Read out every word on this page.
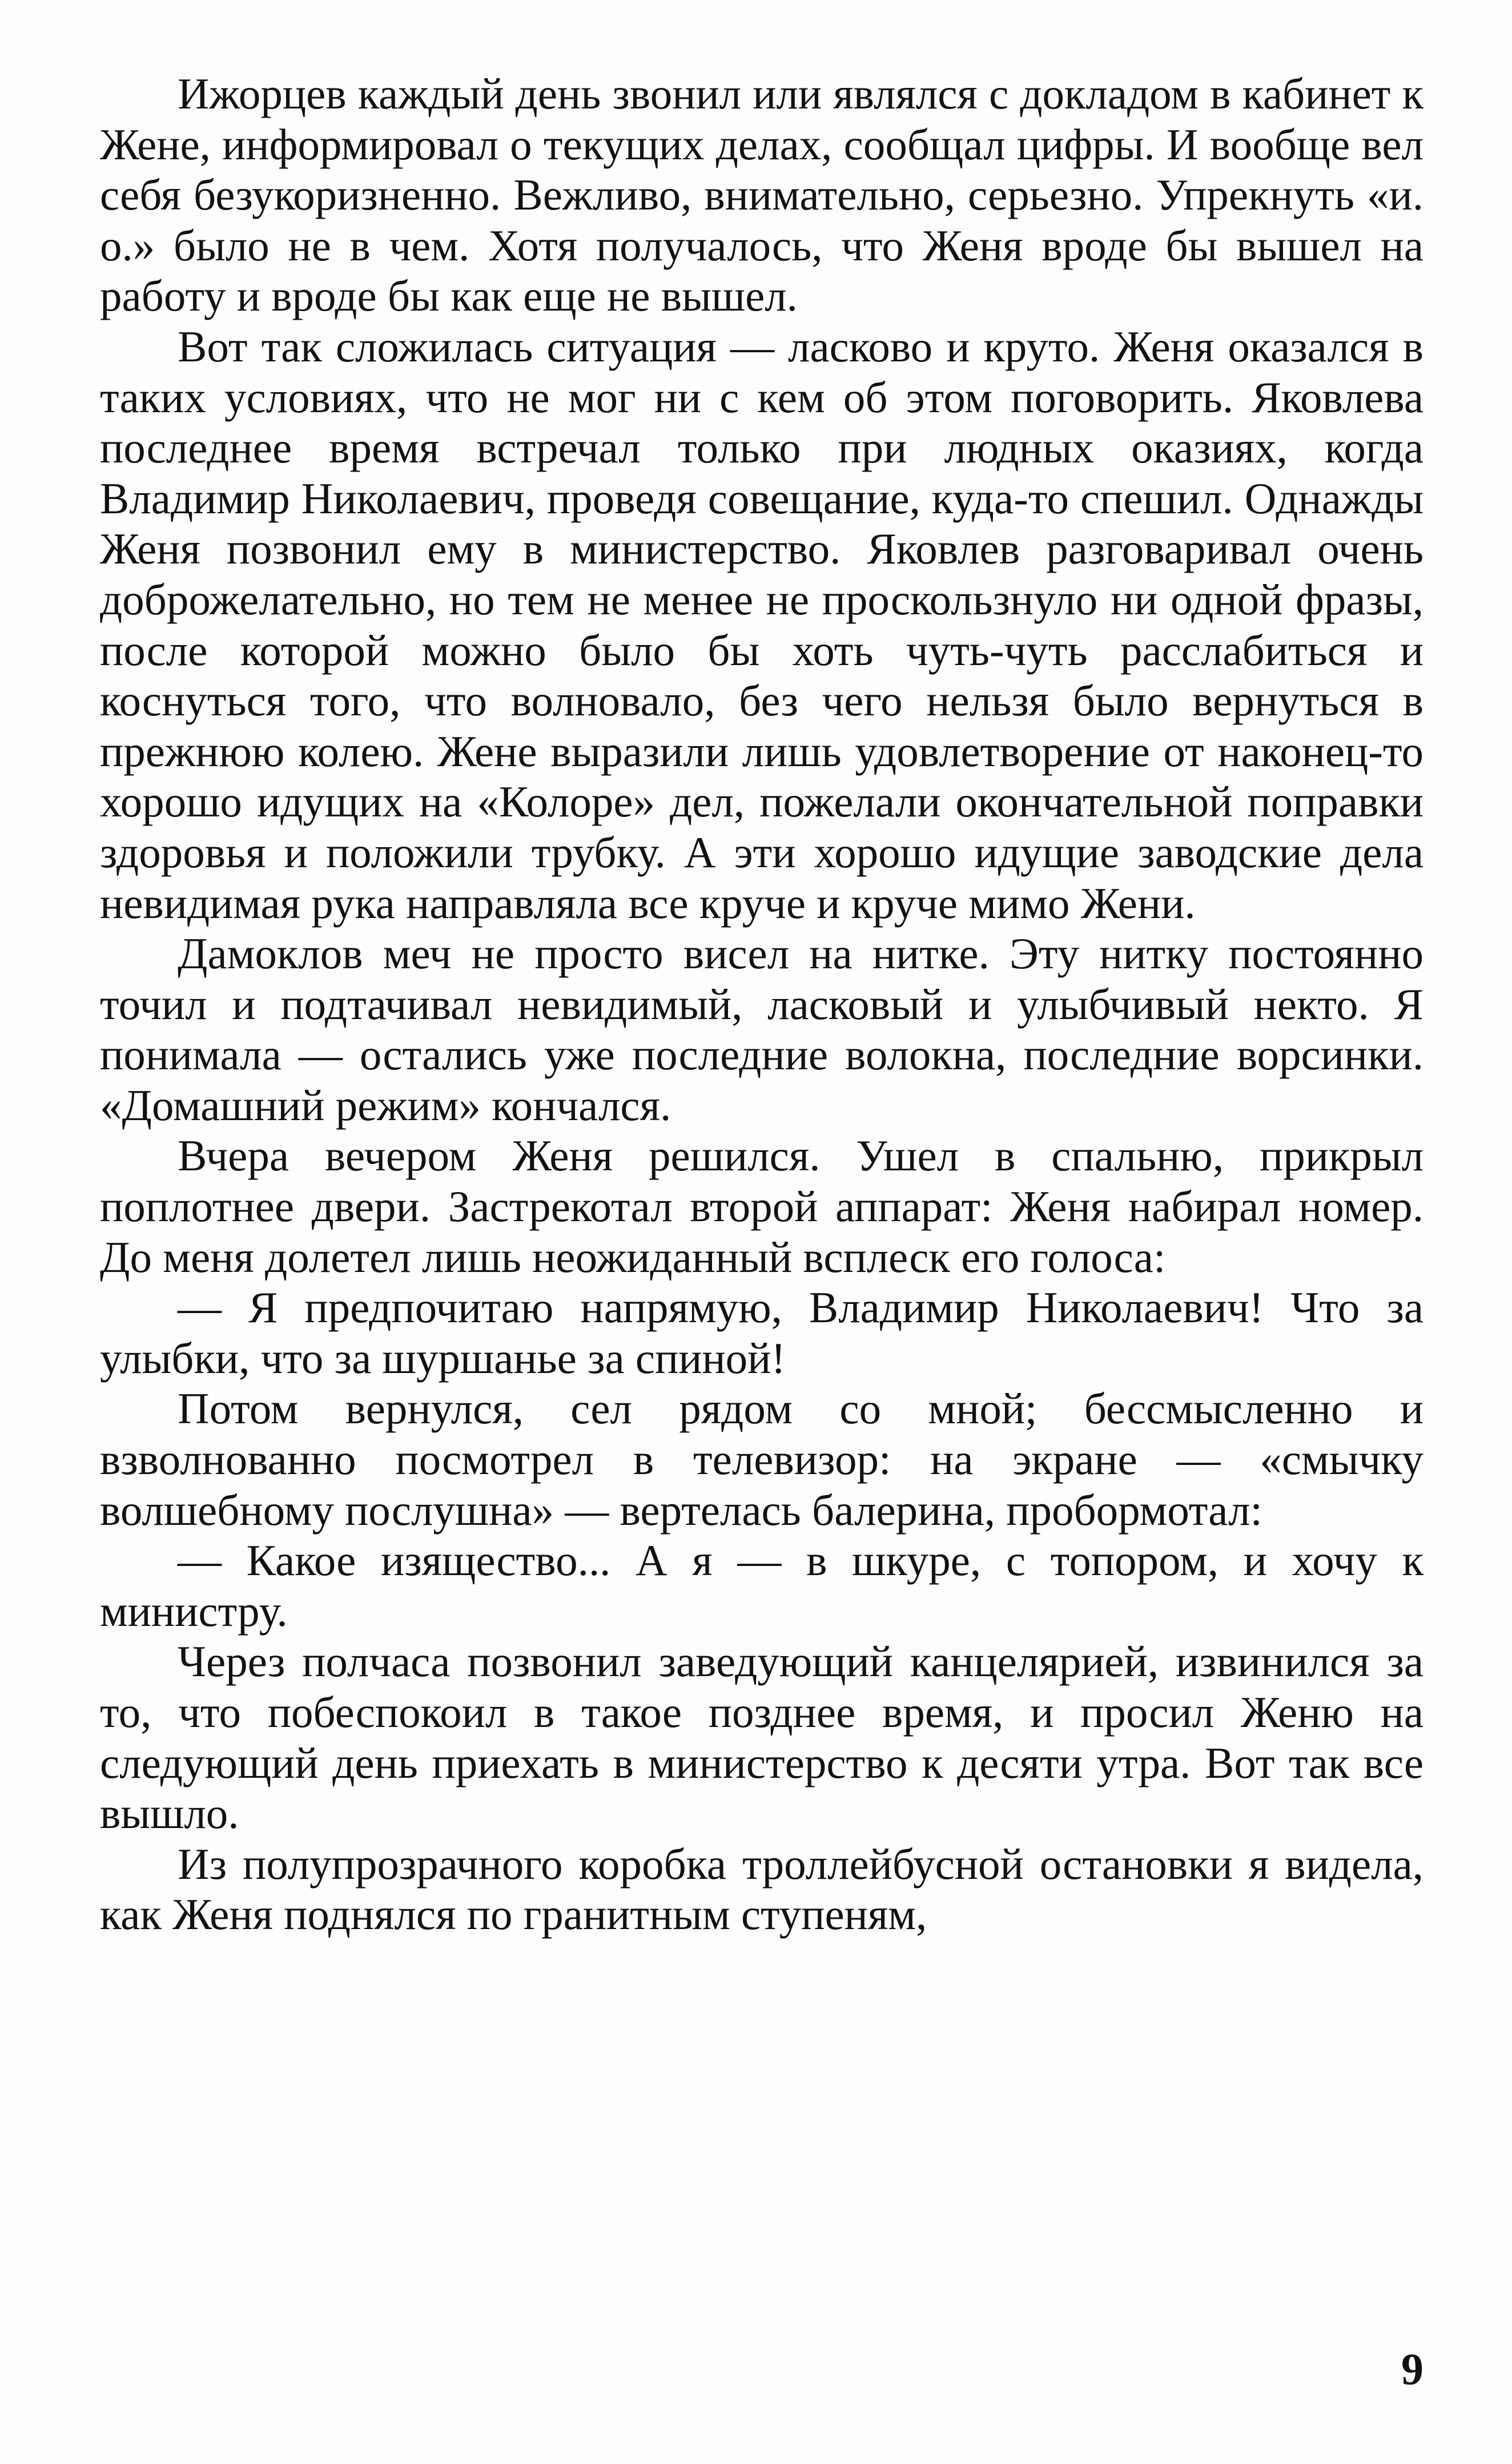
Ижорцев каждый день звонил или являлся с докладом в кабинет к Жене, информировал о текущих делах, сообщал цифры. И вообще вел себя безукоризненно. Вежливо, внимательно, серьезно. Упрекнуть «и. о.» было не в чем. Хотя получалось, что Женя вроде бы вышел на работу и вроде бы как еще не вышел.

Вот так сложилась ситуация — ласково и круто. Женя оказался в таких условиях, что не мог ни с кем об этом поговорить. Яковлева последнее время встречал только при людных оказиях, когда Владимир Николаевич, проведя совещание, куда-то спешил. Однажды Женя позвонил ему в министерство. Яковлев разговаривал очень доброжелательно, но тем не менее не проскользнуло ни одной фразы, после которой можно было бы хоть чуть-чуть расслабиться и коснуться того, что волновало, без чего нельзя было вернуться в прежнюю колею. Жене выразили лишь удовлетворение от наконец-то хорошо идущих на «Колоре» дел, пожелали окончательной поправки здоровья и положили трубку. А эти хорошо идущие заводские дела невидимая рука направляла все круче и круче мимо Жени.

Дамоклов меч не просто висел на нитке. Эту нитку постоянно точил и подтачивал невидимый, ласковый и улыбчивый некто. Я понимала — остались уже последние волокна, последние ворсинки. «Домашний режим» кончался.

Вчера вечером Женя решился. Ушел в спальню, прикрыл поплотнее двери. Застрекотал второй аппарат: Женя набирал номер. До меня долетел лишь неожиданный всплеск его голоса:

— Я предпочитаю напрямую, Владимир Николаевич! Что за улыбки, что за шуршанье за спиной!

Потом вернулся, сел рядом со мной; бессмысленно и взволнованно посмотрел в телевизор: на экране — «смычку волшебному послушна» — вертелась балерина, пробормотал:

— Какое изящество... А я — в шкуре, с топором, и хочу к министру.

Через полчаса позвонил заведующий канцелярией, извинился за то, что побеспокоил в такое позднее время, и просил Женю на следующий день приехать в министерство к десяти утра. Вот так все вышло.

Из полупрозрачного коробка троллейбусной остановки я видела, как Женя поднялся по гранитным ступеням,

9
